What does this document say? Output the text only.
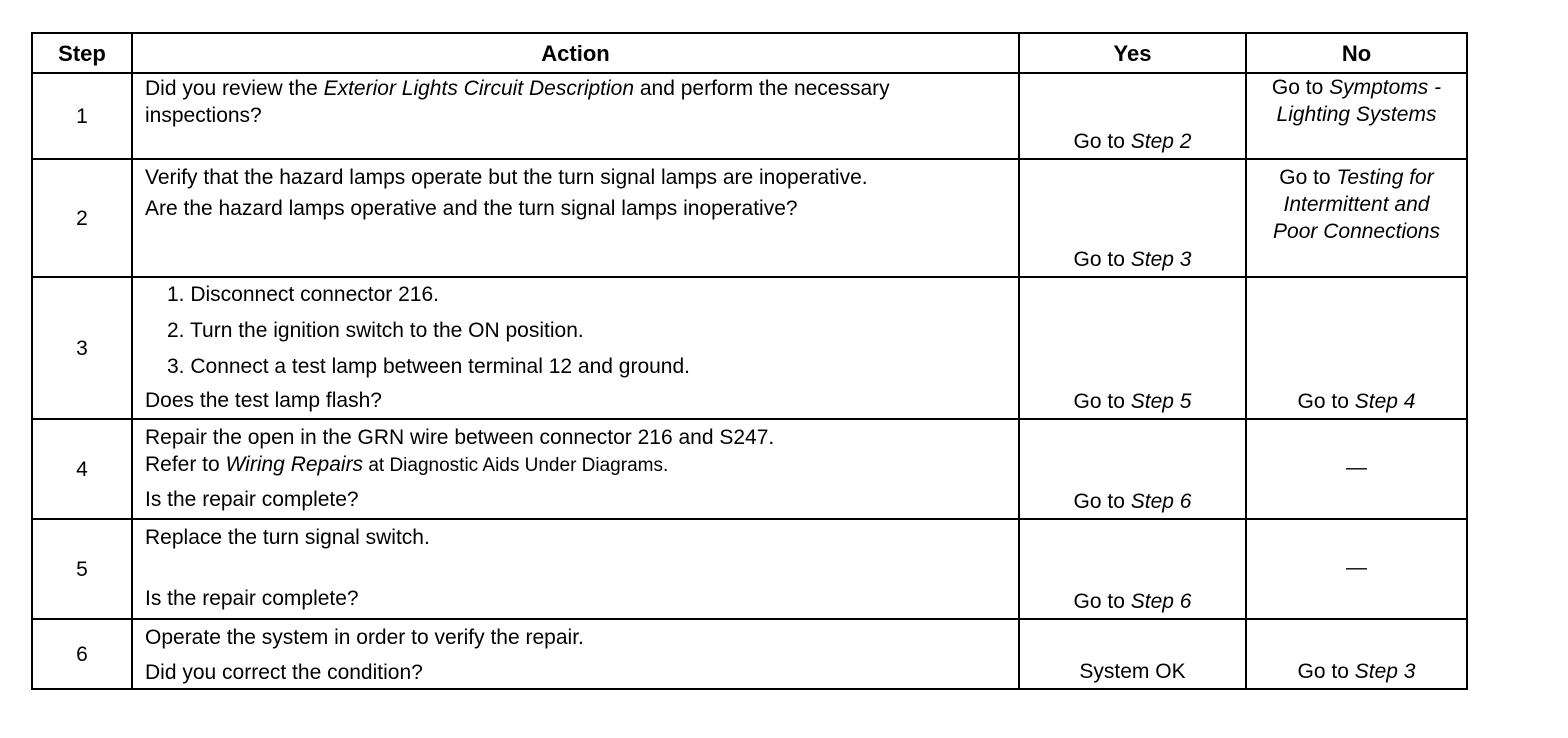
Step	Action	Yes	No
1	Did you review the Exterior Lights Circuit Description and perform the necessary inspections?	Go to Step 2	Go to Symptoms - Lighting Systems
2	Verify that the hazard lamps operate but the turn signal lamps are inoperative.

Are the hazard lamps operative and the turn signal lamps inoperative?	Go to Step 3	Go to Testing for Intermittent and Poor Connections
3	1. Disconnect connector 216.

2. Turn the ignition switch to the ON position.

3. Connect a test lamp between terminal 12 and ground.

Does the test lamp flash?	Go to Step 5	Go to Step 4
4	Repair the open in the GRN wire between connector 216 and S247.

Refer to Wiring Repairs at Diagnostic Aids Under Diagrams.

Is the repair complete?	Go to Step 6	—
5	Replace the turn signal switch.

Is the repair complete?	Go to Step 6	—
6	Operate the system in order to verify the repair.

Did you correct the condition?	System OK	Go to Step 3
